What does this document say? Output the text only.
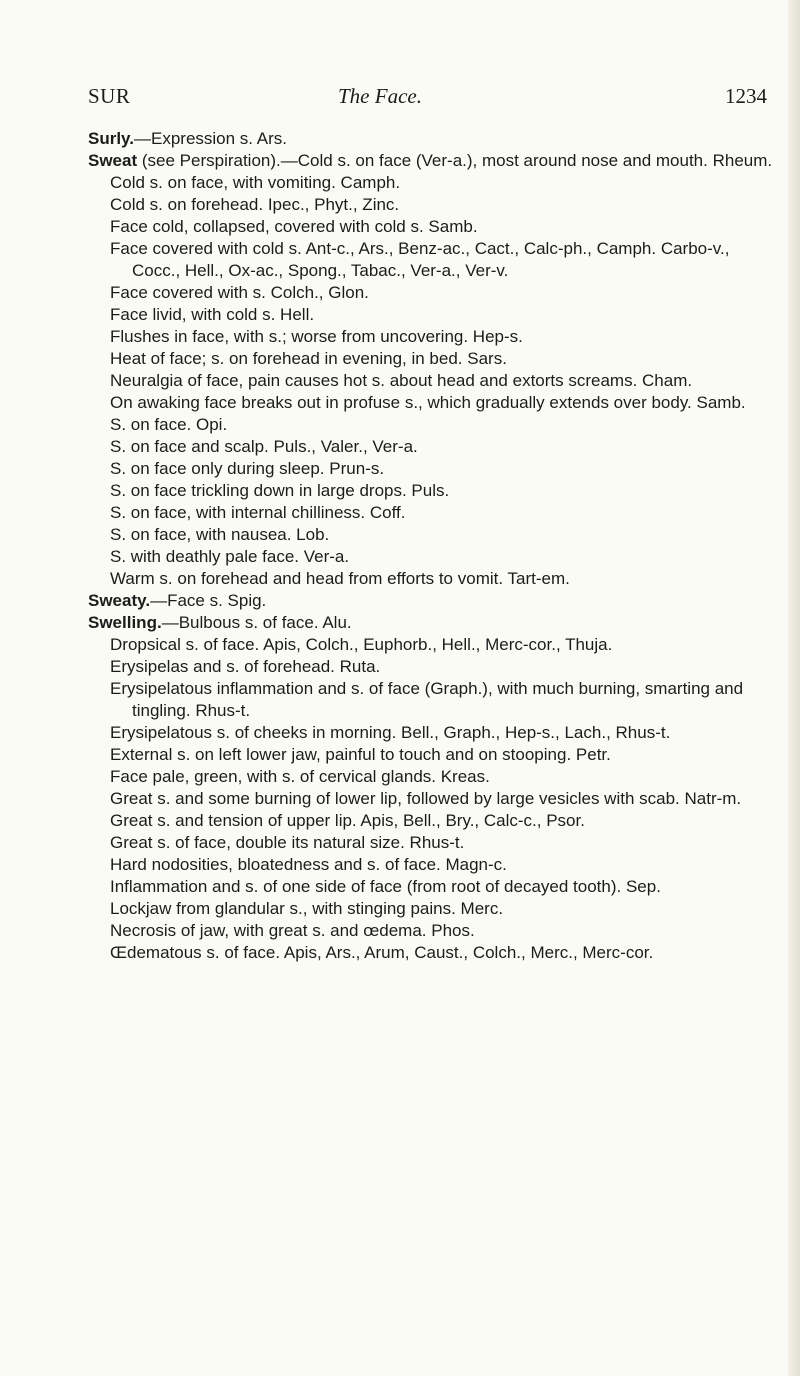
SUR	The Face.	1234

Surly.—Expression s. Ars.

Sweat (see Perspiration).—Cold s. on face (Ver-a.), most around nose and mouth. Rheum.

Cold s. on face, with vomiting. Camph.

Cold s. on forehead. Ipec., Phyt., Zinc.

Face cold, collapsed, covered with cold s. Samb.

Face covered with cold s. Ant-c., Ars., Benz-ac., Cact., Calc-ph., Camph. Carbo-v., Cocc., Hell., Ox-ac., Spong., Tabac., Ver-a., Ver-v.

Face covered with s. Colch., Glon.

Face livid, with cold s. Hell.

Flushes in face, with s.; worse from uncovering. Hep-s.

Heat of face; s. on forehead in evening, in bed. Sars.

Neuralgia of face, pain causes hot s. about head and extorts screams. Cham.

On awaking face breaks out in profuse s., which gradually extends over body. Samb.

S. on face. Opi.

S. on face and scalp. Puls., Valer., Ver-a.

S. on face only during sleep. Prun-s.

S. on face trickling down in large drops. Puls.

S. on face, with internal chilliness. Coff.

S. on face, with nausea. Lob.

S. with deathly pale face. Ver-a.

Warm s. on forehead and head from efforts to vomit. Tart-em.

Sweaty.—Face s. Spig.

Swelling.—Bulbous s. of face. Alu.

Dropsical s. of face. Apis, Colch., Euphorb., Hell., Merc-cor., Thuja.

Erysipelas and s. of forehead. Ruta.

Erysipelatous inflammation and s. of face (Graph.), with much burning, smarting and tingling. Rhus-t.

Erysipelatous s. of cheeks in morning. Bell., Graph., Hep-s., Lach., Rhus-t.

External s. on left lower jaw, painful to touch and on stooping. Petr.

Face pale, green, with s. of cervical glands. Kreas.

Great s. and some burning of lower lip, followed by large vesicles with scab. Natr-m.

Great s. and tension of upper lip. Apis, Bell., Bry., Calc-c., Psor.

Great s. of face, double its natural size. Rhus-t.

Hard nodosities, bloatedness and s. of face. Magn-c.

Inflammation and s. of one side of face (from root of decayed tooth). Sep.

Lockjaw from glandular s., with stinging pains. Merc.

Necrosis of jaw, with great s. and œdema. Phos.

Œdematous s. of face. Apis, Ars., Arum, Caust., Colch., Merc., Merc-cor.
